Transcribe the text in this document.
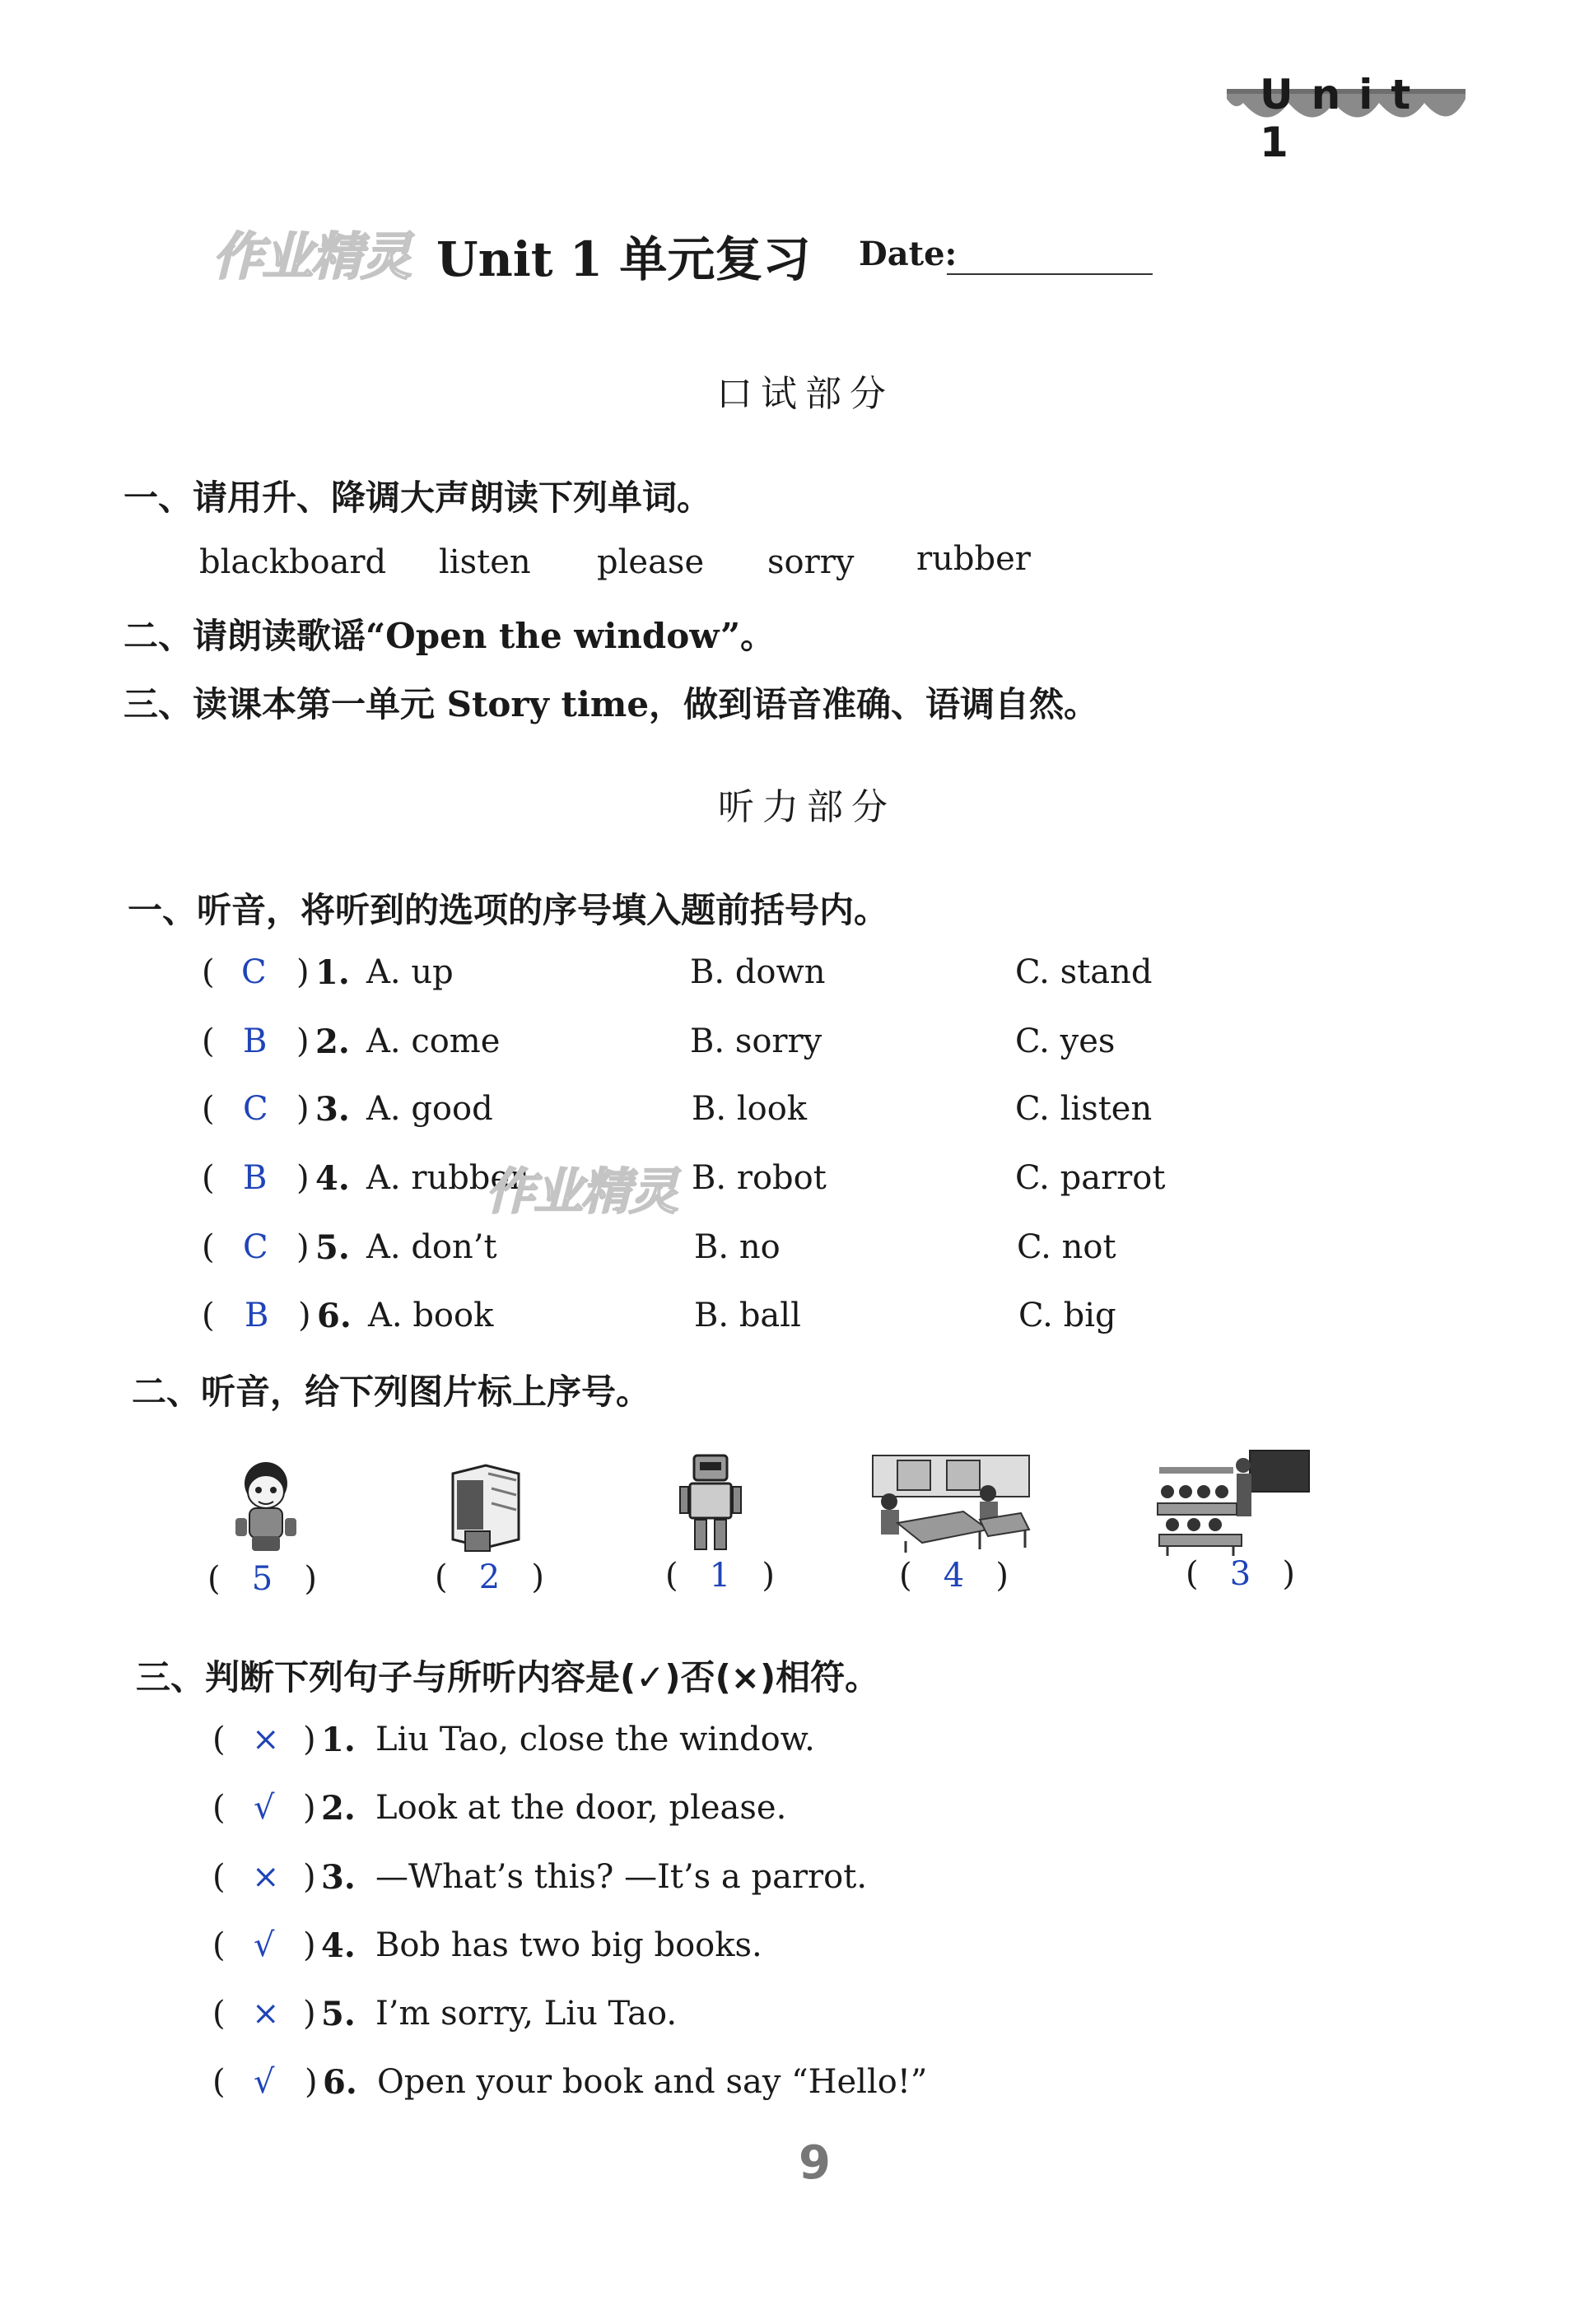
Unit 1
作业精灵 Unit 1 单元复习 Date:
口试部分
一、请用升、降调大声朗读下列单词。
blackboard listen please sorry rubber
二、请朗读歌谣“Open the window”。
三、读课本第一单元 Story time，做到语音准确、语调自然。
听力部分
一、听音，将听到的选项的序号填入题前括号内。
( C ) 1. A. up	B. down	C. stand
( B ) 2. A. come	B. sorry	C. yes
( C ) 3. A. good	B. look	C. listen
( B ) 4. A. rubber	B. robot	C. parrot
( C ) 5. A. don’t	B. no	C. not
( B ) 6. A. book	B. ball	C. big
作业精灵
二、听音，给下列图片标上序号。
(   5   )	(   2   )	(   1   )	(   4   )	(   3   )
三、判断下列句子与所听内容是(✓)否(×)相符。
( × ) 1. Liu Tao, close the window.
( √ ) 2. Look at the door, please.
( × ) 3. —What’s this? —It’s a parrot.
( √ ) 4. Bob has two big books.
( × ) 5. I’m sorry, Liu Tao.
( √ ) 6. Open your book and say “Hello!”
9
